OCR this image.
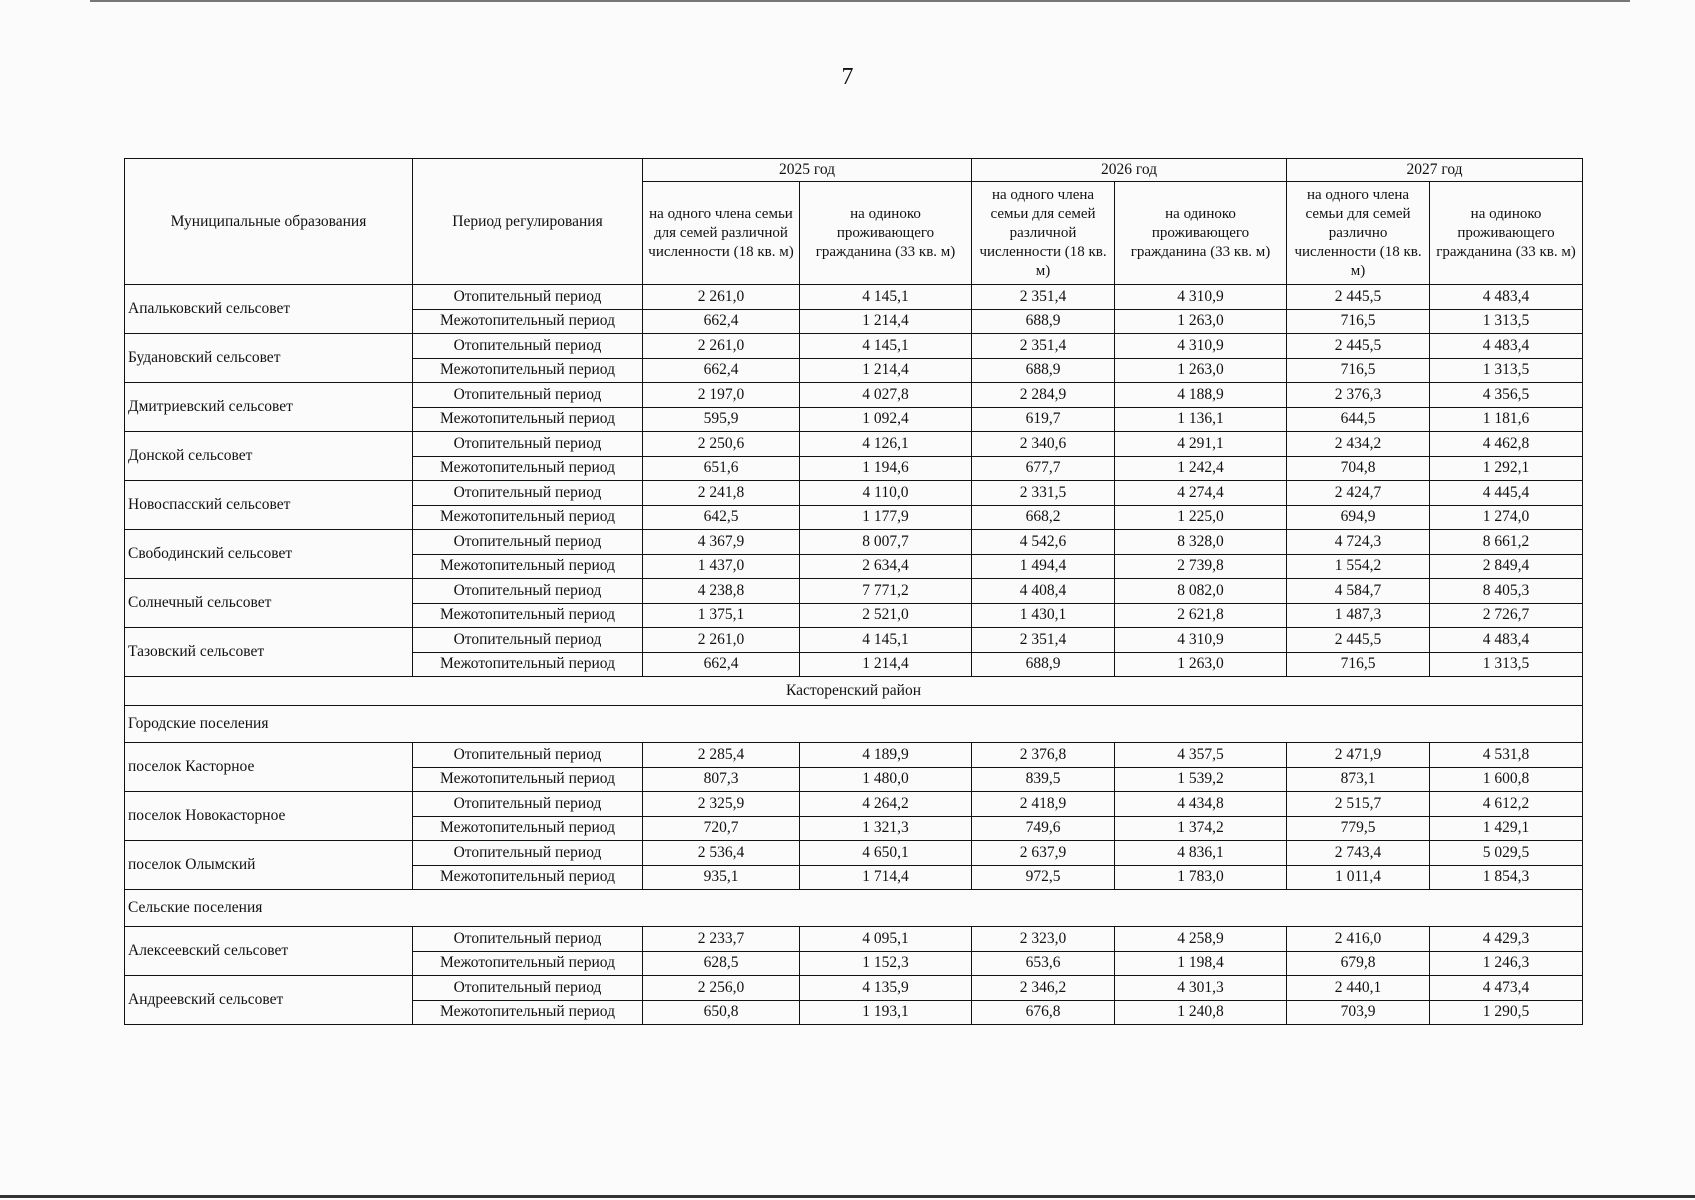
7
Муниципальные образования	Период регулирования	2025 год		2026 год		2027 год	
		на одного члена семьи для семей различной численности (18 кв. м)	на одиноко проживающего гражданина (33 кв. м)	на одного члена семьи для семей различной численности (18 кв. м)	на одиноко проживающего гражданина (33 кв. м)	на одного члена семьи для семей различно численности (18 кв. м)	на одиноко проживающего гражданина (33 кв. м)
Апальковский сельсовет	Отопительный период	2 261,0	4 145,1	2 351,4	4 310,9	2 445,5	4 483,4
	Межотопительный период	662,4	1 214,4	688,9	1 263,0	716,5	1 313,5
Будановский сельсовет	Отопительный период	2 261,0	4 145,1	2 351,4	4 310,9	2 445,5	4 483,4
	Межотопительный период	662,4	1 214,4	688,9	1 263,0	716,5	1 313,5
Дмитриевский сельсовет	Отопительный период	2 197,0	4 027,8	2 284,9	4 188,9	2 376,3	4 356,5
	Межотопительный период	595,9	1 092,4	619,7	1 136,1	644,5	1 181,6
Донской сельсовет	Отопительный период	2 250,6	4 126,1	2 340,6	4 291,1	2 434,2	4 462,8
	Межотопительный период	651,6	1 194,6	677,7	1 242,4	704,8	1 292,1
Новоспасский сельсовет	Отопительный период	2 241,8	4 110,0	2 331,5	4 274,4	2 424,7	4 445,4
	Межотопительный период	642,5	1 177,9	668,2	1 225,0	694,9	1 274,0
Свободинский сельсовет	Отопительный период	4 367,9	8 007,7	4 542,6	8 328,0	4 724,3	8 661,2
	Межотопительный период	1 437,0	2 634,4	1 494,4	2 739,8	1 554,2	2 849,4
Солнечный сельсовет	Отопительный период	4 238,8	7 771,2	4 408,4	8 082,0	4 584,7	8 405,3
	Межотопительный период	1 375,1	2 521,0	1 430,1	2 621,8	1 487,3	2 726,7
Тазовский сельсовет	Отопительный период	2 261,0	4 145,1	2 351,4	4 310,9	2 445,5	4 483,4
	Межотопительный период	662,4	1 214,4	688,9	1 263,0	716,5	1 313,5
Касторенский район							
Городские поселения							
поселок Касторное	Отопительный период	2 285,4	4 189,9	2 376,8	4 357,5	2 471,9	4 531,8
	Межотопительный период	807,3	1 480,0	839,5	1 539,2	873,1	1 600,8
поселок Новокасторное	Отопительный период	2 325,9	4 264,2	2 418,9	4 434,8	2 515,7	4 612,2
	Межотопительный период	720,7	1 321,3	749,6	1 374,2	779,5	1 429,1
поселок Олымский	Отопительный период	2 536,4	4 650,1	2 637,9	4 836,1	2 743,4	5 029,5
	Межотопительный период	935,1	1 714,4	972,5	1 783,0	1 011,4	1 854,3
Сельские поселения							
Алексеевский сельсовет	Отопительный период	2 233,7	4 095,1	2 323,0	4 258,9	2 416,0	4 429,3
	Межотопительный период	628,5	1 152,3	653,6	1 198,4	679,8	1 246,3
Андреевский сельсовет	Отопительный период	2 256,0	4 135,9	2 346,2	4 301,3	2 440,1	4 473,4
	Межотопительный период	650,8	1 193,1	676,8	1 240,8	703,9	1 290,5
